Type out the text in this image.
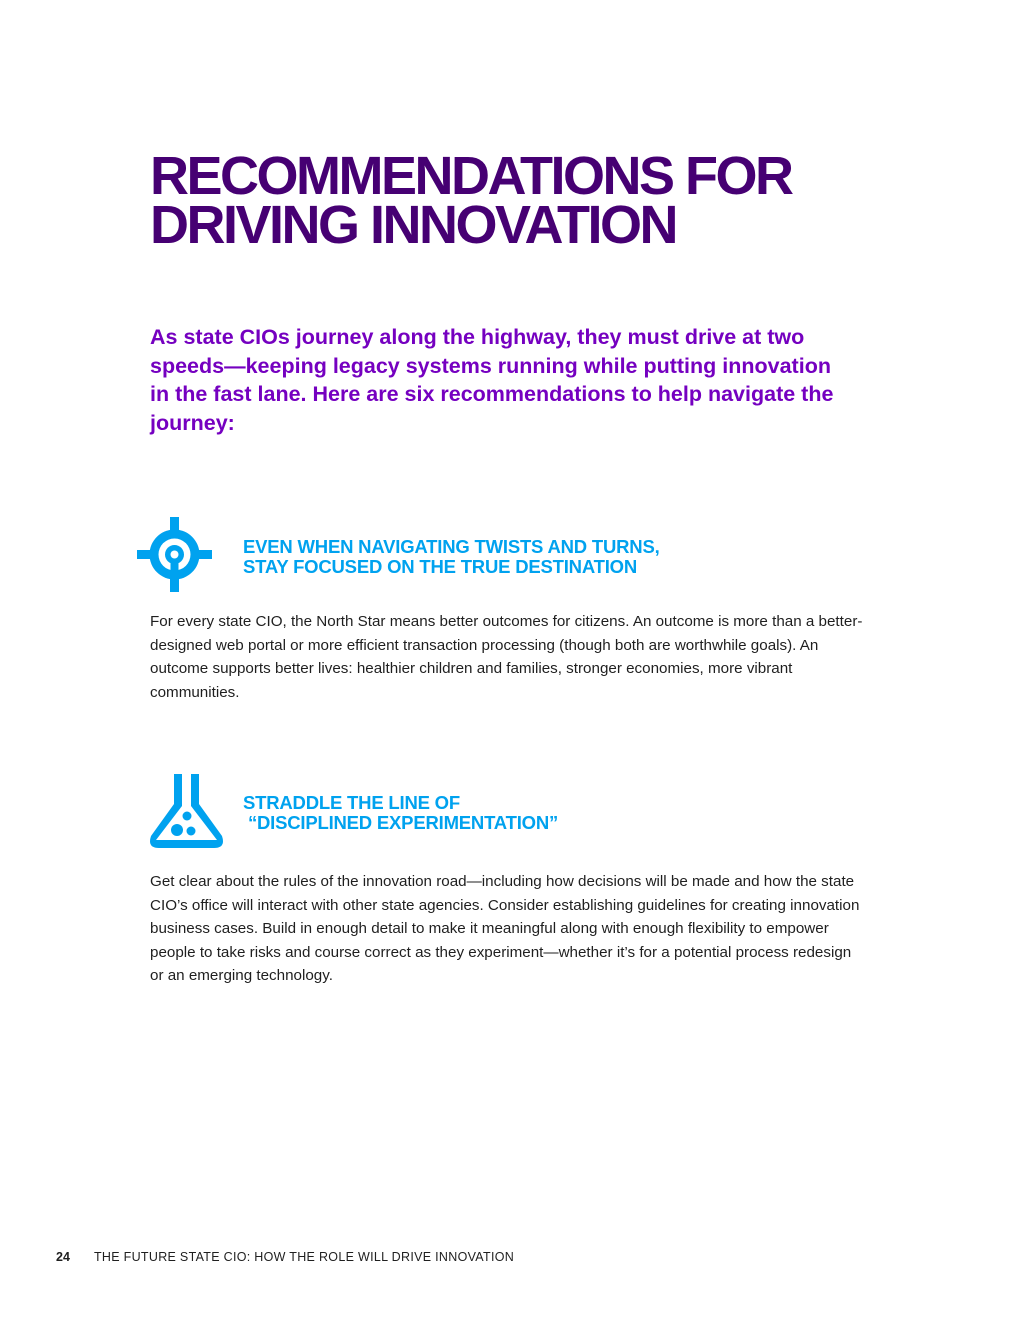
RECOMMENDATIONS FOR
DRIVING INNOVATION

As state CIOs journey along the highway, they must drive at two speeds—keeping legacy systems running while putting innovation in the fast lane. Here are six recommendations to help navigate the journey:

EVEN WHEN NAVIGATING TWISTS AND TURNS,
STAY FOCUSED ON THE TRUE DESTINATION

For every state CIO, the North Star means better outcomes for citizens. An outcome is more than a better-designed web portal or more efficient transaction processing (though both are worthwhile goals). An outcome supports better lives: healthier children and families, stronger economies, more vibrant communities.

STRADDLE THE LINE OF
“DISCIPLINED EXPERIMENTATION”

Get clear about the rules of the innovation road—including how decisions will be made and how the state CIO’s office will interact with other state agencies. Consider establishing guidelines for creating innovation business cases. Build in enough detail to make it meaningful along with enough flexibility to empower people to take risks and course correct as they experiment—whether it’s for a potential process redesign or an emerging technology.

24 THE FUTURE STATE CIO: HOW THE ROLE WILL DRIVE INNOVATION
